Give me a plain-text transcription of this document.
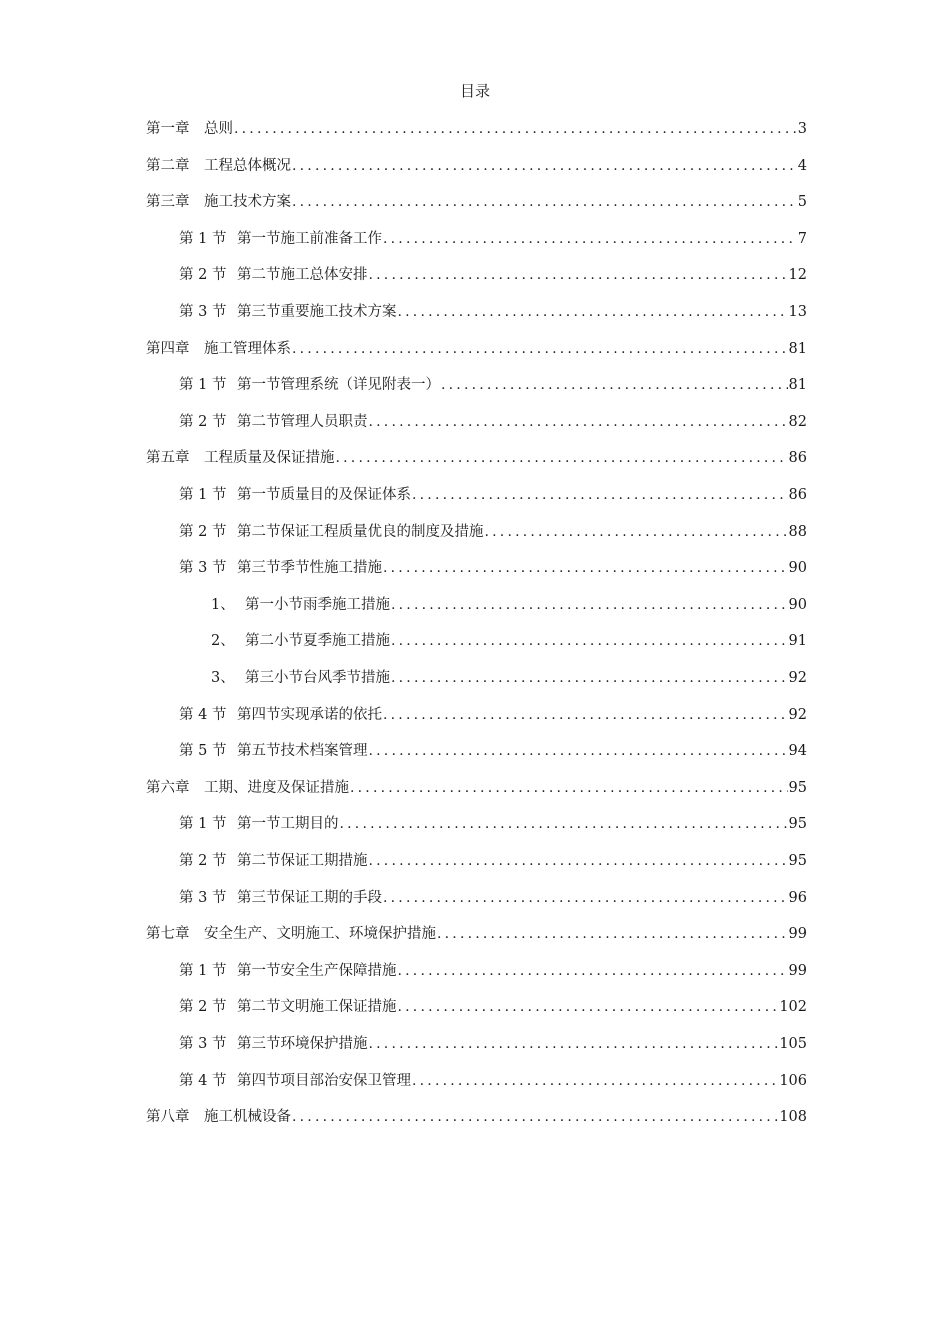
目录
第一章	总则 .....	3
第二章	工程总体概况 .....	4
第三章	施工技术方案 .....	5
第 1 节 第一节施工前准备工作 .....	7
第 2 节 第二节施工总体安排 .....	12
第 3 节 第三节重要施工技术方案 .....	13
第四章	施工管理体系 .....	81
第 1 节 第一节管理系统（详见附表一） .....	81
第 2 节 第二节管理人员职责 .....	82
第五章	工程质量及保证措施 .....	86
第 1 节 第一节质量目的及保证体系 .....	86
第 2 节 第二节保证工程质量优良的制度及措施 .....	88
第 3 节 第三节季节性施工措施 .....	90
1、 第一小节雨季施工措施 .....	90
2、 第二小节夏季施工措施 .....	91
3、 第三小节台风季节措施 .....	92
第 4 节 第四节实现承诺的依托 .....	92
第 5 节 第五节技术档案管理 .....	94
第六章	工期、进度及保证措施 .....	95
第 1 节 第一节工期目的 .....	95
第 2 节 第二节保证工期措施 .....	95
第 3 节 第三节保证工期的手段 .....	96
第七章	安全生产、文明施工、环境保护措施 .....	99
第 1 节 第一节安全生产保障措施 .....	99
第 2 节 第二节文明施工保证措施 .....	102
第 3 节 第三节环境保护措施 .....	105
第 4 节 第四节项目部治安保卫管理 .....	106
第八章	施工机械设备 .....	108
